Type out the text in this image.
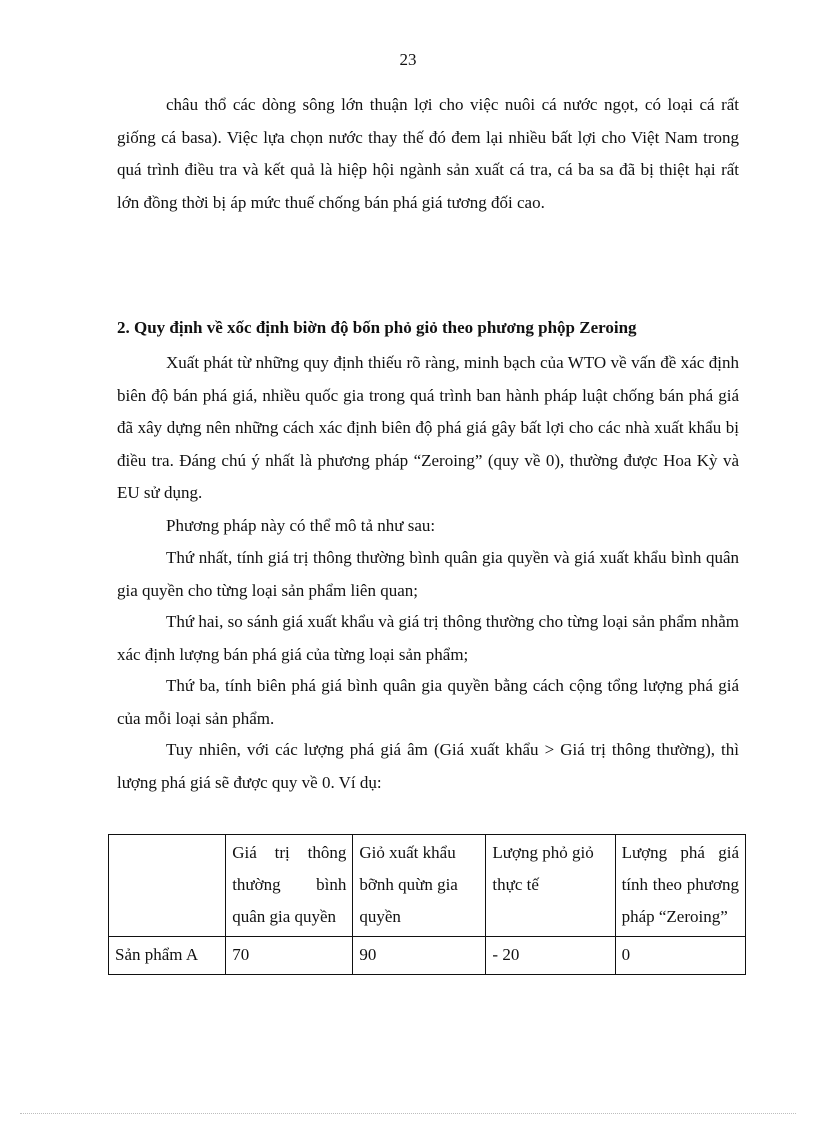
23

châu thổ các dòng sông lớn thuận lợi cho việc nuôi cá nước ngọt, có loại cá rất giống cá basa). Việc lựa chọn nước thay thế đó đem lại nhiều bất lợi cho Việt Nam trong quá trình điều tra và kết quả là hiệp hội ngành sản xuất cá tra, cá ba sa đã bị thiệt hại rất lớn đồng thời bị áp mức thuế chống bán phá giá tương đối cao.

2. Quy định về xốc định biờn độ bốn phỏ giỏ theo phương phộp Zeroing

Xuất phát từ những quy định thiếu rõ ràng, minh bạch của WTO về vấn đề xác định biên độ bán phá giá, nhiều quốc gia trong quá trình ban hành pháp luật chống bán phá giá đã xây dựng nên những cách xác định biên độ phá giá gây bất lợi cho các nhà xuất khẩu bị điều tra. Đáng chú ý nhất là phương pháp “Zeroing” (quy về 0), thường được Hoa Kỳ và EU sử dụng.

Phương pháp này có thể mô tả như sau:

Thứ nhất, tính giá trị thông thường bình quân gia quyền và giá xuất khẩu bình quân gia quyền cho từng loại sản phẩm liên quan;

Thứ hai, so sánh giá xuất khẩu và giá trị thông thường cho từng loại sản phẩm nhằm xác định lượng bán phá giá của từng loại sản phẩm;

Thứ ba, tính biên phá giá bình quân gia quyền bằng cách cộng tổng lượng phá giá của mỗi loại sản phẩm.

Tuy nhiên, với các lượng phá giá âm (Giá xuất khẩu > Giá trị thông thường), thì lượng phá giá sẽ được quy về 0. Ví dụ:

	Giá trị thông thường bình quân gia quyền	Giỏ xuất khẩu bỡnh quừn gia quyền	Lượng phỏ giỏ thực tế	Lượng phá giá tính theo phương pháp “Zeroing”
Sản phẩm A	70	90	- 20	0
